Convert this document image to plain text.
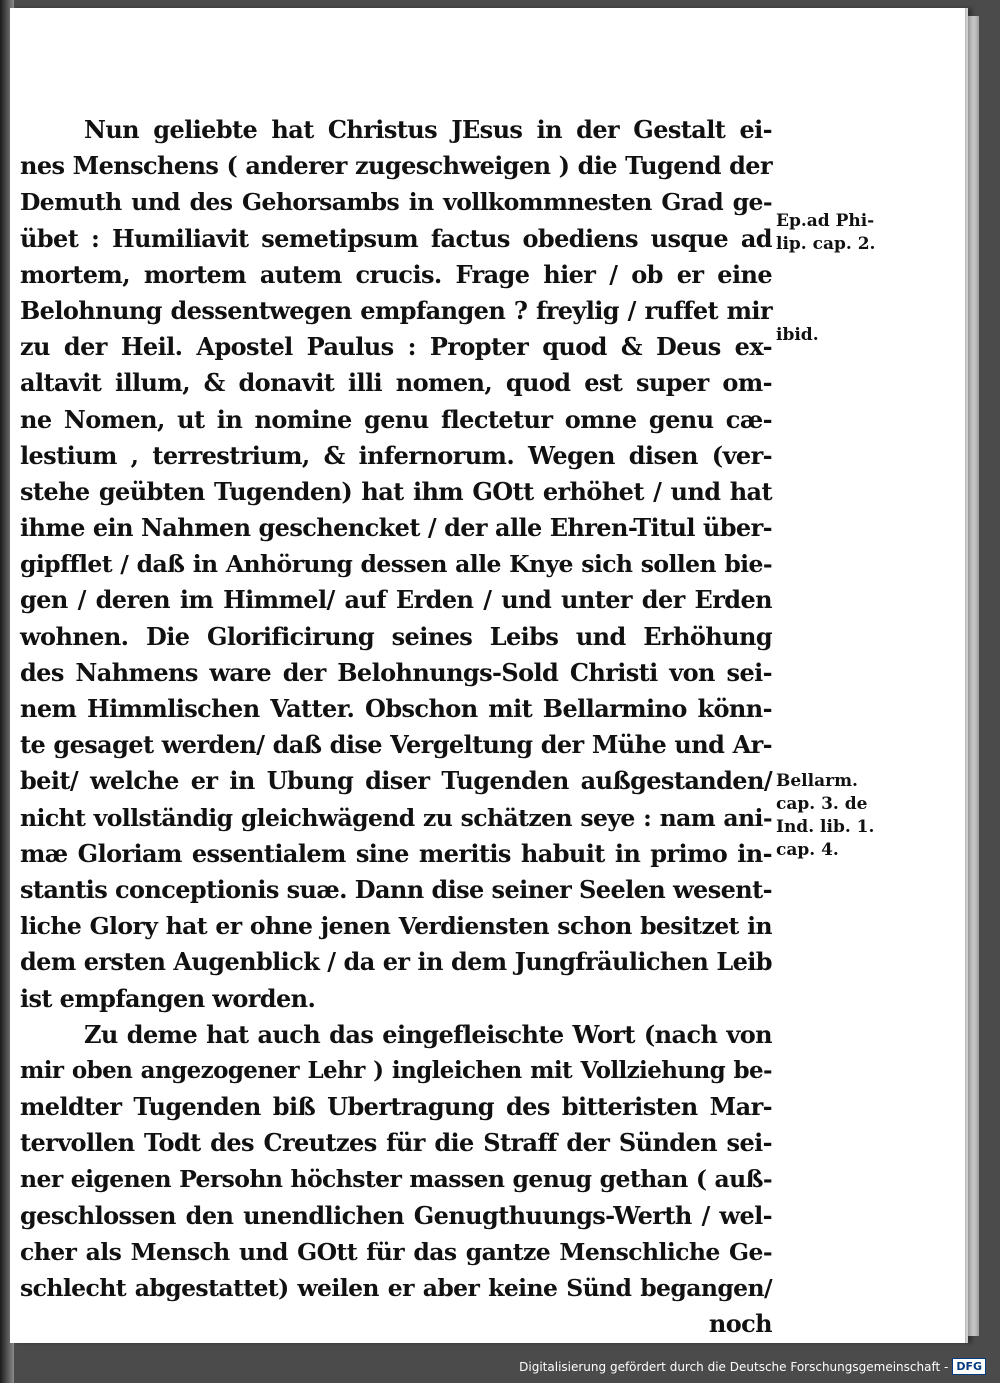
Nun geliebte hat Christus JEsus in der Gestalt ei-
nes Menschens ( anderer zugeschweigen ) die Tugend der
Demuth und des Gehorsambs in vollkommnesten Grad ge-
übet : Humiliavit semetipsum factus obediens usque ad
mortem, mortem autem crucis. Frage hier / ob er eine
Belohnung dessentwegen empfangen ? freylig / ruffet mir
zu der Heil. Apostel Paulus : Propter quod & Deus ex-
altavit illum, & donavit illi nomen, quod est super om-
ne Nomen, ut in nomine genu flectetur omne genu cæ-
lestium , terrestrium, & infernorum. Wegen disen (ver-
stehe geübten Tugenden) hat ihm GOtt erhöhet / und hat
ihme ein Nahmen geschencket / der alle Ehren-Titul über-
gipfflet / daß in Anhörung dessen alle Knye sich sollen bie-
gen / deren im Himmel/ auf Erden / und unter der Erden
wohnen. Die Glorificirung seines Leibs und Erhöhung
des Nahmens ware der Belohnungs-Sold Christi von sei-
nem Himmlischen Vatter. Obschon mit Bellarmino könn-
te gesaget werden/ daß dise Vergeltung der Mühe und Ar-
beit/ welche er in Ubung diser Tugenden außgestanden/
nicht vollständig gleichwägend zu schätzen seye : nam ani-
mæ Gloriam essentialem sine meritis habuit in primo in-
stantis conceptionis suæ. Dann dise seiner Seelen wesent-
liche Glory hat er ohne jenen Verdiensten schon besitzet in
dem ersten Augenblick / da er in dem Jungfräulichen Leib
ist empfangen worden.
Zu deme hat auch das eingefleischte Wort (nach von
mir oben angezogener Lehr ) ingleichen mit Vollziehung be-
meldter Tugenden biß Ubertragung des bitteristen Mar-
tervollen Todt des Creutzes für die Straff der Sünden sei-
ner eigenen Persohn höchster massen genug gethan ( auß-
geschlossen den unendlichen Genugthuungs-Werth / wel-
cher als Mensch und GOtt für das gantze Menschliche Ge-
schlecht abgestattet) weilen er aber keine Sünd begangen/
noch
Ep.ad Phi-
lip. cap. 2.
ibid.
Bellarm.
cap. 3. de
Ind. lib. 1.
cap. 4.
Digitalisierung gefördert durch die Deutsche Forschungsgemeinschaft - DFG
